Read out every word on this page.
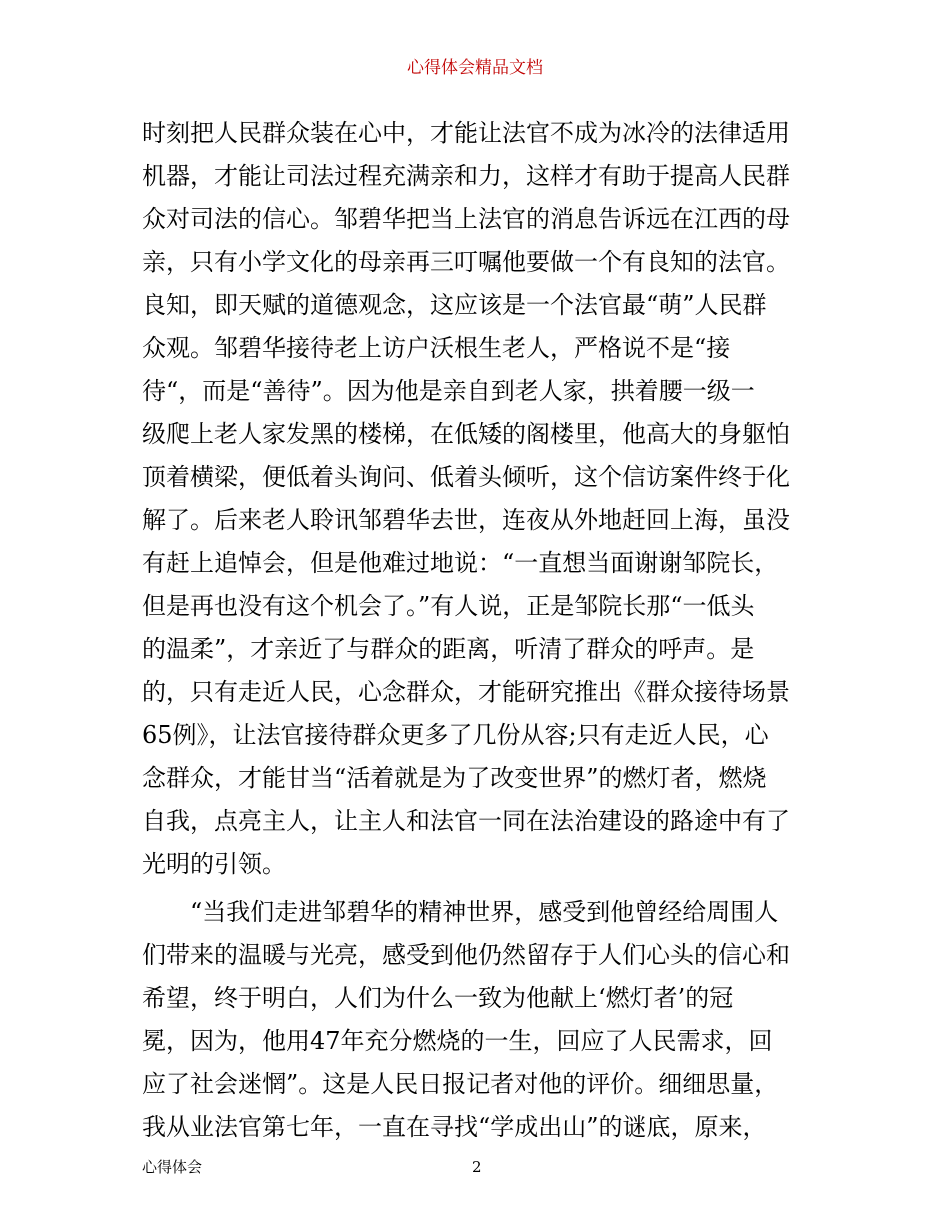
心得体会精品文档
时刻把人民群众装在心中，才能让法官不成为冰冷的法律适用
机器，才能让司法过程充满亲和力，这样才有助于提高人民群
众对司法的信心。邹碧华把当上法官的消息告诉远在江西的母
亲，只有小学文化的母亲再三叮嘱他要做一个有良知的法官。
良知，即天赋的道德观念，这应该是一个法官最“萌”人民群
众观。邹碧华接待老上访户沃根生老人，严格说不是“接
待“，而是“善待”。因为他是亲自到老人家，拱着腰一级一
级爬上老人家发黑的楼梯，在低矮的阁楼里，他高大的身躯怕
顶着横梁，便低着头询问、低着头倾听，这个信访案件终于化
解了。后来老人聆讯邹碧华去世，连夜从外地赶回上海，虽没
有赶上追悼会，但是他难过地说：“一直想当面谢谢邹院长，
但是再也没有这个机会了。”有人说，正是邹院长那“一低头
的温柔”，才亲近了与群众的距离，听清了群众的呼声。是
的，只有走近人民，心念群众，才能研究推出《群众接待场景
65例》，让法官接待群众更多了几份从容;只有走近人民，心
念群众，才能甘当“活着就是为了改变世界”的燃灯者，燃烧
自我，点亮主人，让主人和法官一同在法治建设的路途中有了
光明的引领。
“当我们走进邹碧华的精神世界，感受到他曾经给周围人
们带来的温暖与光亮，感受到他仍然留存于人们心头的信心和
希望，终于明白，人们为什么一致为他献上‘燃灯者’的冠
冕，因为，他用47年充分燃烧的一生，回应了人民需求，回
应了社会迷惘”。这是人民日报记者对他的评价。细细思量，
我从业法官第七年，一直在寻找“学成出山”的谜底，原来，
心得体会	2
